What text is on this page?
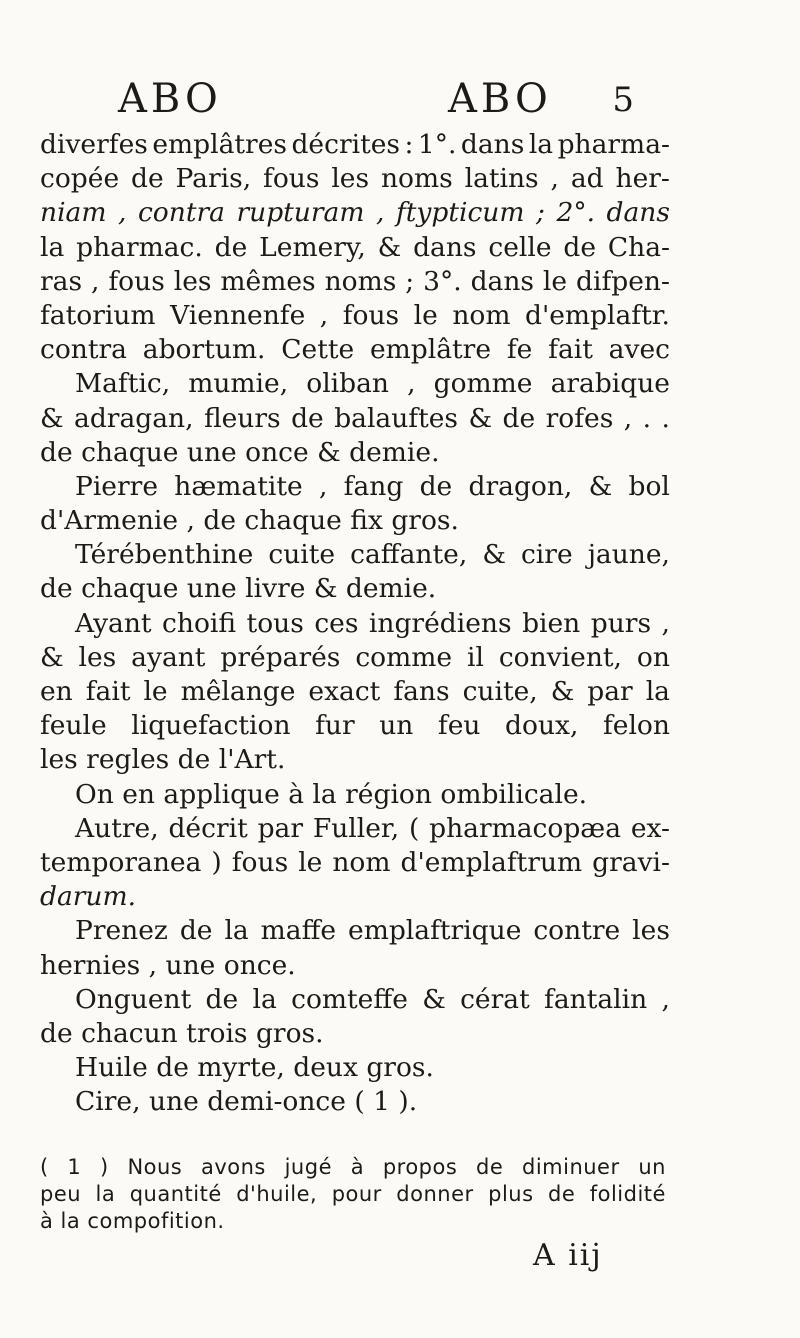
ABO	ABO 5
diverfes emplâtres décrites : 1°. dans la pharma-
copée de Paris, fous les noms latins , ad her-
niam , contra rupturam , ftypticum ; 2°. dans
la pharmac. de Lemery, & dans celle de Cha-
ras , fous les mêmes noms ; 3°. dans le difpen-
fatorium Viennenfe , fous le nom d'emplaftr.
contra abortum. Cette emplâtre fe fait avec
Maftic, mumie, oliban , gomme arabique
& adragan, fleurs de balauftes & de rofes , . .
de chaque une once & demie.
Pierre hæmatite , fang de dragon, & bol
d'Armenie , de chaque fix gros.
Térébenthine cuite caffante, & cire jaune,
de chaque une livre & demie.
Ayant choifi tous ces ingrédiens bien purs ,
& les ayant préparés comme il convient, on
en fait le mêlange exact fans cuite, & par la
feule liquefaction fur un feu doux, felon
les regles de l'Art.
On en applique à la région ombilicale.
Autre, décrit par Fuller, ( pharmacopæa ex-
temporanea ) fous le nom d'emplaftrum gravi-
darum.
Prenez de la maffe emplaftrique contre les
hernies , une once.
Onguent de la comteffe & cérat fantalin ,
de chacun trois gros.
Huile de myrte, deux gros.
Cire, une demi-once ( 1 ).
( 1 ) Nous avons jugé à propos de diminuer un
peu la quantité d'huile, pour donner plus de folidité
à la compofition.
A iij
